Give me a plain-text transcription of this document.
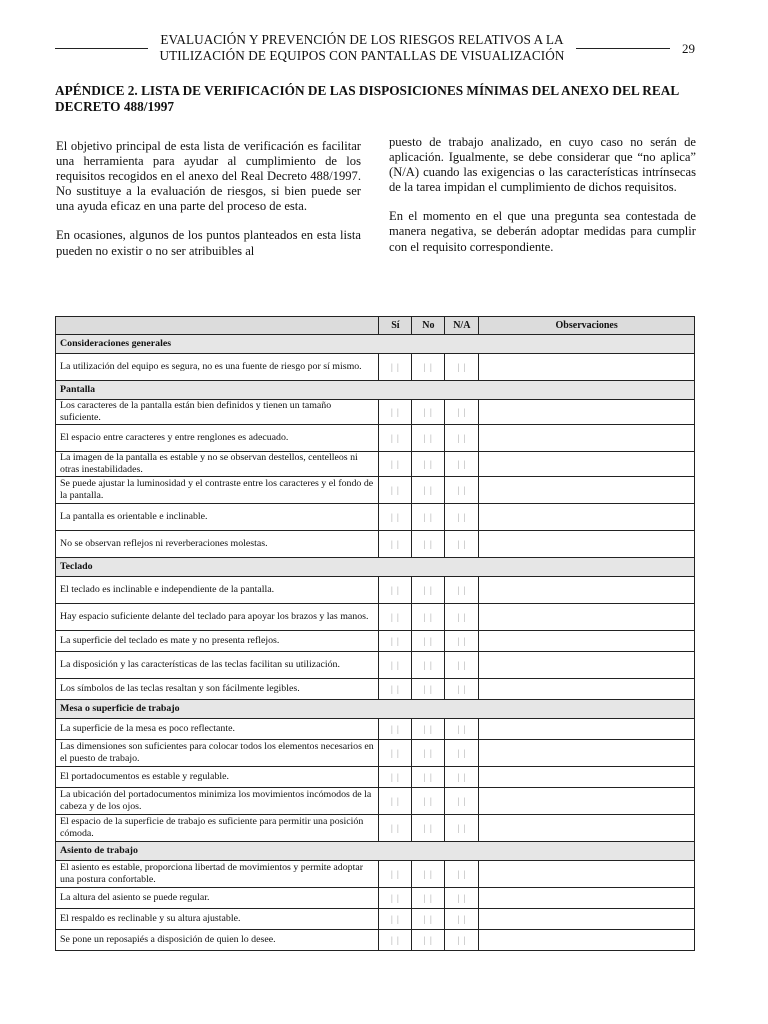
EVALUACIÓN Y PREVENCIÓN DE LOS RIESGOS RELATIVOS A LA
UTILIZACIÓN DE EQUIPOS CON PANTALLAS DE VISUALIZACIÓN	29
APÉNDICE 2. LISTA DE VERIFICACIÓN DE LAS DISPOSICIONES MÍNIMAS DEL ANEXO DEL REAL DECRETO 488/1997

El objetivo principal de esta lista de verificación es facilitar una herramienta para ayudar al cumplimiento de los requisitos recogidos en el anexo del Real Decreto 488/1997. No sustituye a la evaluación de riesgos, si bien puede ser una ayuda eficaz en una parte del proceso de esta.

En ocasiones, algunos de los puntos planteados en esta lista pueden no existir o no ser atribuibles al

puesto de trabajo analizado, en cuyo caso no serán de aplicación. Igualmente, se debe considerar que “no aplica” (N/A) cuando las exigencias o las características intrínsecas de la tarea impidan el cumplimiento de dichos requisitos.

En el momento en el que una pregunta sea contestada de manera negativa, se deberán adoptar medidas para cumplir con el requisito correspondiente.

	Sí	No	N/A	Observaciones
Consideraciones generales				
La utilización del equipo es segura, no es una fuente de riesgo por sí mismo.	| |	| |	| |	
Pantalla				
Los caracteres de la pantalla están bien definidos y tienen un tamaño suficiente.	| |	| |	| |	
El espacio entre caracteres y entre renglones es adecuado.	| |	| |	| |	
La imagen de la pantalla es estable y no se observan destellos, centelleos ni otras inestabilidades.	| |	| |	| |	
Se puede ajustar la luminosidad y el contraste entre los caracteres y el fondo de la pantalla.	| |	| |	| |	
La pantalla es orientable e inclinable.	| |	| |	| |	
No se observan reflejos ni reverberaciones molestas.	| |	| |	| |	
Teclado				
El teclado es inclinable e independiente de la pantalla.	| |	| |	| |	
Hay espacio suficiente delante del teclado para apoyar los brazos y las manos.	| |	| |	| |	
La superficie del teclado es mate y no presenta reflejos.	| |	| |	| |	
La disposición y las características de las teclas facilitan su utilización.	| |	| |	| |	
Los símbolos de las teclas resaltan y son fácilmente legibles.	| |	| |	| |	
Mesa o superficie de trabajo				
La superficie de la mesa es poco reflectante.	| |	| |	| |	
Las dimensiones son suficientes para colocar todos los elementos necesarios en el puesto de trabajo.	| |	| |	| |	
El portadocumentos es estable y regulable.	| |	| |	| |	
La ubicación del portadocumentos minimiza los movimientos incómodos de la cabeza y de los ojos.	| |	| |	| |	
El espacio de la superficie de trabajo es suficiente para permitir una posición cómoda.	| |	| |	| |	
Asiento de trabajo				
El asiento es estable, proporciona libertad de movimientos y permite adoptar una postura confortable.	| |	| |	| |	
La altura del asiento se puede regular.	| |	| |	| |	
El respaldo es reclinable y su altura ajustable.	| |	| |	| |	
Se pone un reposapiés a disposición de quien lo desee.	| |	| |	| |	
